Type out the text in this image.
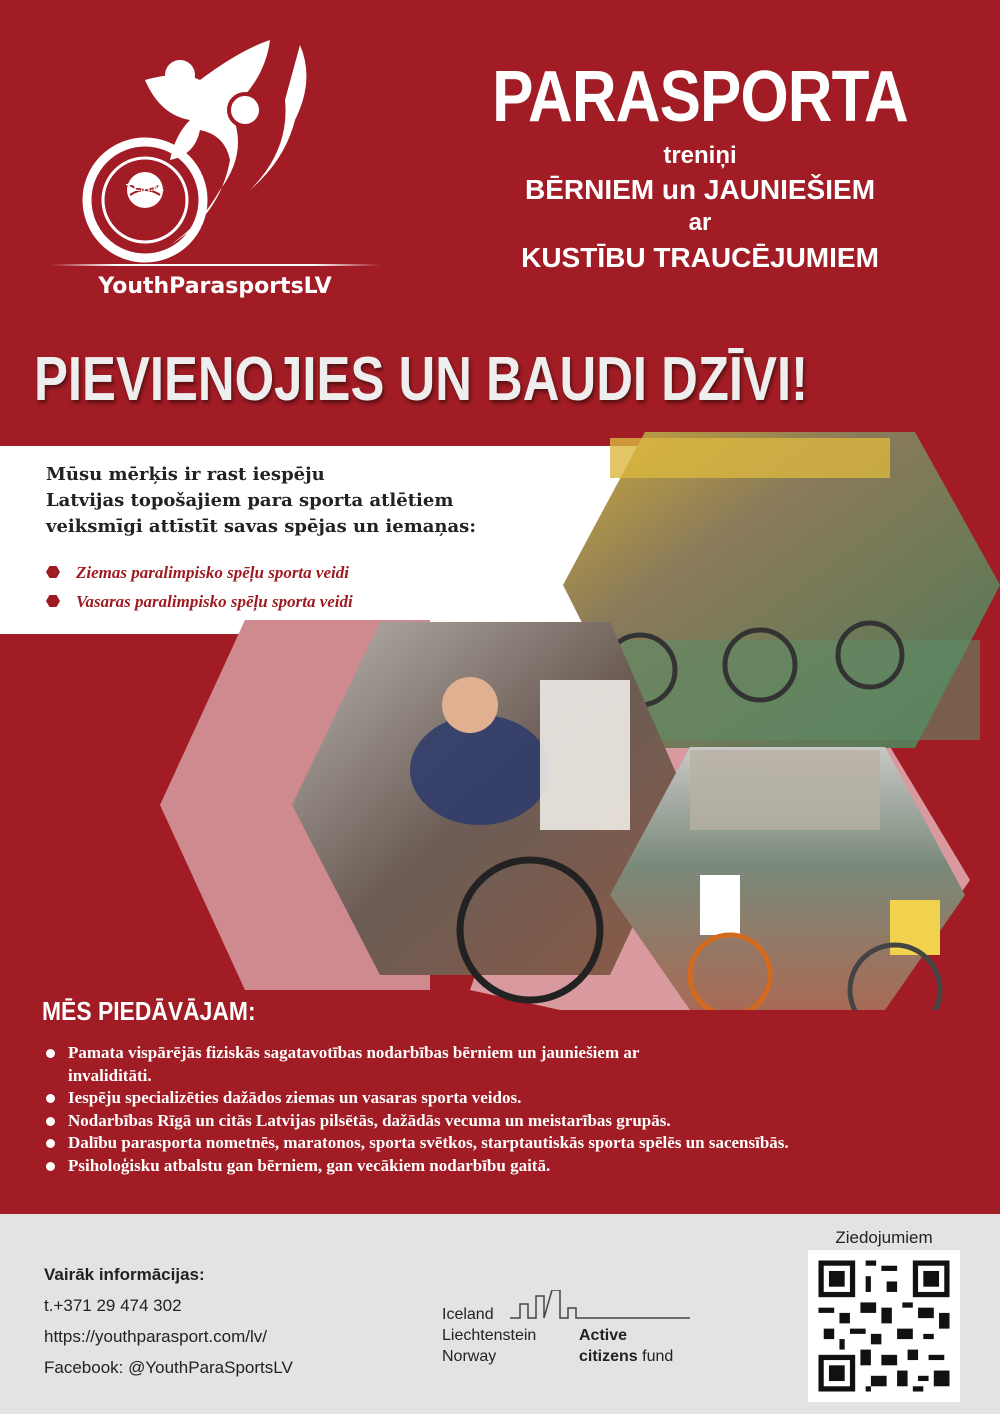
T.E.A.M.
YouthParasportsLV
PARASPORTA
treniņi
BĒRNIEM un JAUNIEŠIEM
ar
KUSTĪBU TRAUCĒJUMIEM
PIEVIENOJIES UN BAUDI DZĪVI!
Mūsu mērķis ir rast iespēju
Latvijas topošajiem para sporta atlētiem
veiksmīgi attīstīt savas spējas un iemaņas:
Ziemas paralimpisko spēļu sporta veidi
Vasaras paralimpisko spēļu sporta veidi
MĒS PIEDĀVĀJAM:
Pamata vispārējās fiziskās sagatavotības nodarbības bērniem un jauniešiem ar invaliditāti.
Iespēju specializēties dažādos ziemas un vasaras sporta veidos.
Nodarbības Rīgā un citās Latvijas pilsētās, dažādās vecuma un meistarības grupās.
Dalību parasporta nometnēs, maratonos, sporta svētkos, starptautiskās sporta spēlēs un sacensībās.
Psiholoģisku atbalstu gan bērniem, gan vecākiem nodarbību gaitā.
Vairāk informācijas:
t.+371 29 474 302
https://youthparasport.com/lv/
Facebook: @YouthParaSportsLV
Iceland
Liechtenstein
Norway
Active
citizens fund
Ziedojumiem
